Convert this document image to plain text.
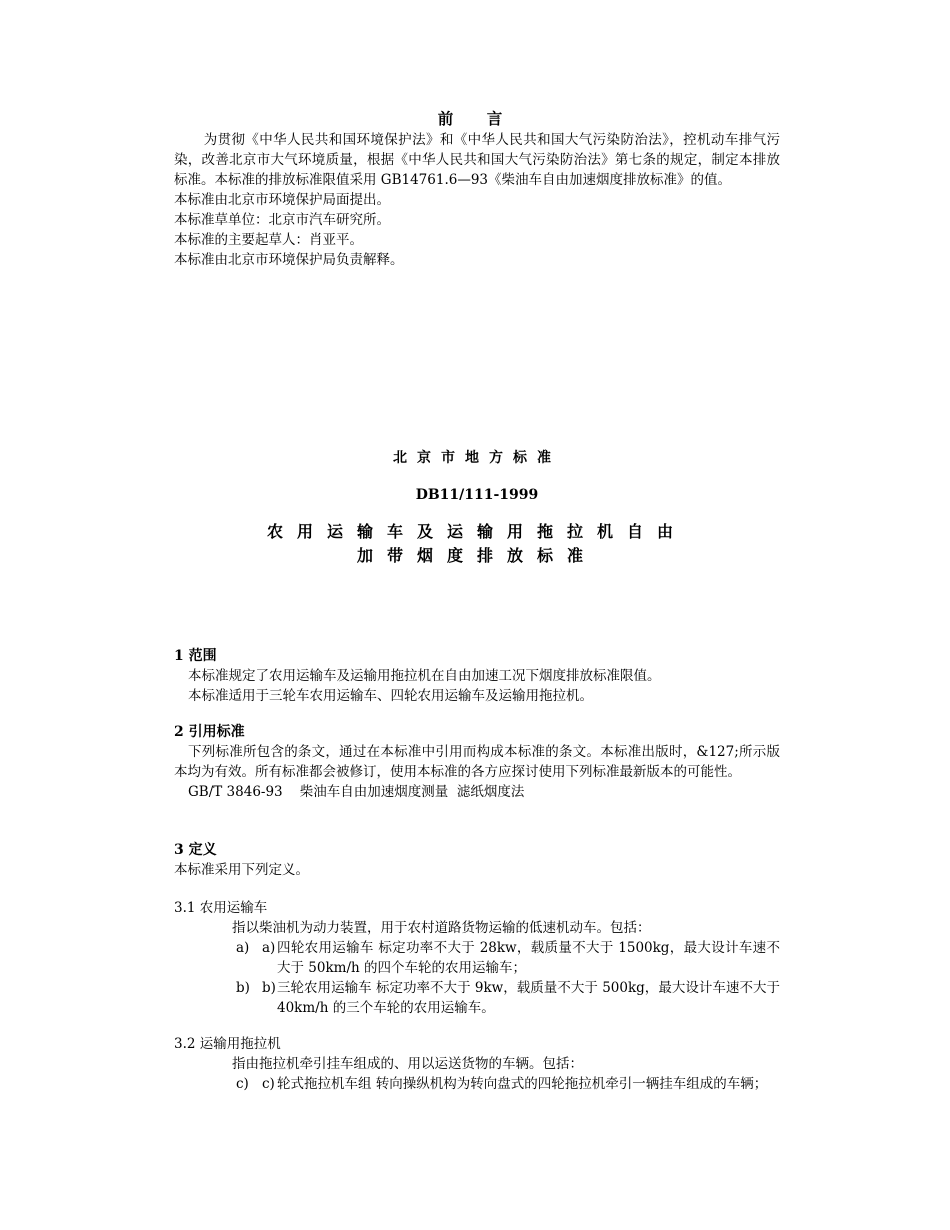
前 言

为贯彻《中华人民共和国环境保护法》和《中华人民共和国大气污染防治法》，控机动车排气污染，改善北京市大气环境质量，根据《中华人民共和国大气污染防治法》第七条的规定，制定本排放标准。本标准的排放标准限值采用 GB14761.6—93《柴油车自由加速烟度排放标准》的值。

本标准由北京市环境保护局面提出。

本标准草单位：北京市汽车研究所。

本标准的主要起草人：肖亚平。

本标准由北京市环境保护局负责解释。

北京市地方标准

DB11/111-1999

农用运输车及运输用拖拉机自由

加带烟度排放标准

1 范围

本标准规定了农用运输车及运输用拖拉机在自由加速工况下烟度排放标准限值。

本标准适用于三轮车农用运输车、四轮农用运输车及运输用拖拉机。

2 引用标准

下列标准所包含的条文，通过在本标准中引用而构成本标准的条文。本标准出版时，&127;所示版本均为有效。所有标准都会被修订，使用本标准的各方应探讨使用下列标准最新版本的可能性。

GB/T 3846-93    柴油车自由加速烟度测量  滤纸烟度法

3 定义

本标准采用下列定义。

3.1 农用运输车

指以柴油机为动力装置，用于农村道路货物运输的低速机动车。包括：

a) a) 四轮农用运输车 标定功率不大于 28kw，载质量不大于 1500kg，最大设计车速不大于 50km/h 的四个车轮的农用运输车；

b) b) 三轮农用运输车 标定功率不大于 9kw，载质量不大于 500kg，最大设计车速不大于 40km/h 的三个车轮的农用运输车。

3.2 运输用拖拉机

指由拖拉机牵引挂车组成的、用以运送货物的车辆。包括：

c) c) 轮式拖拉机车组 转向操纵机构为转向盘式的四轮拖拉机牵引一辆挂车组成的车辆；
